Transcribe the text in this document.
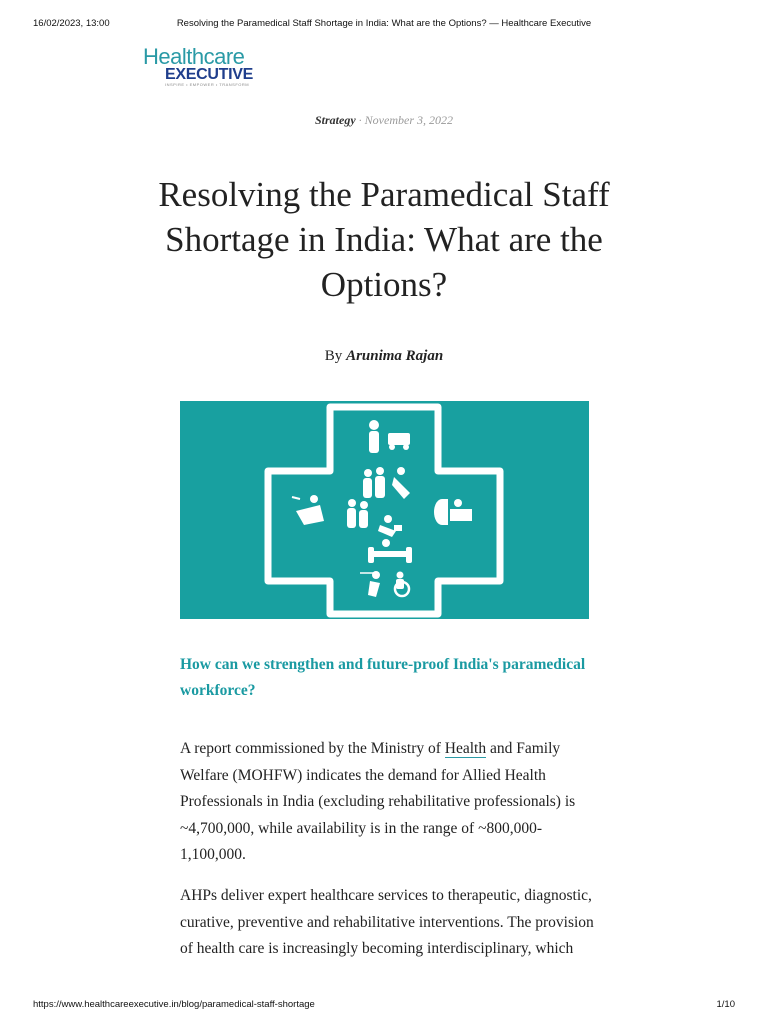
16/02/2023, 13:00	Resolving the Paramedical Staff Shortage in India: What are the Options? — Healthcare Executive
Healthcare
EXECUTIVE
INSPIRE • EMPOWER • TRANSFORM
Strategy · November 3, 2022
Resolving the Paramedical Staff Shortage in India: What are the Options?
By Arunima Rajan
How can we strengthen and future-proof India's paramedical workforce?
A report commissioned by the Ministry of Health and Family Welfare (MOHFW) indicates the demand for Allied Health Professionals in India (excluding rehabilitative professionals) is ~4,700,000, while availability is in the range of ~800,000-1,100,000.
AHPs deliver expert healthcare services to therapeutic, diagnostic, curative, preventive and rehabilitative interventions. The provision of health care is increasingly becoming interdisciplinary, which
https://www.healthcareexecutive.in/blog/paramedical-staff-shortage	1/10
